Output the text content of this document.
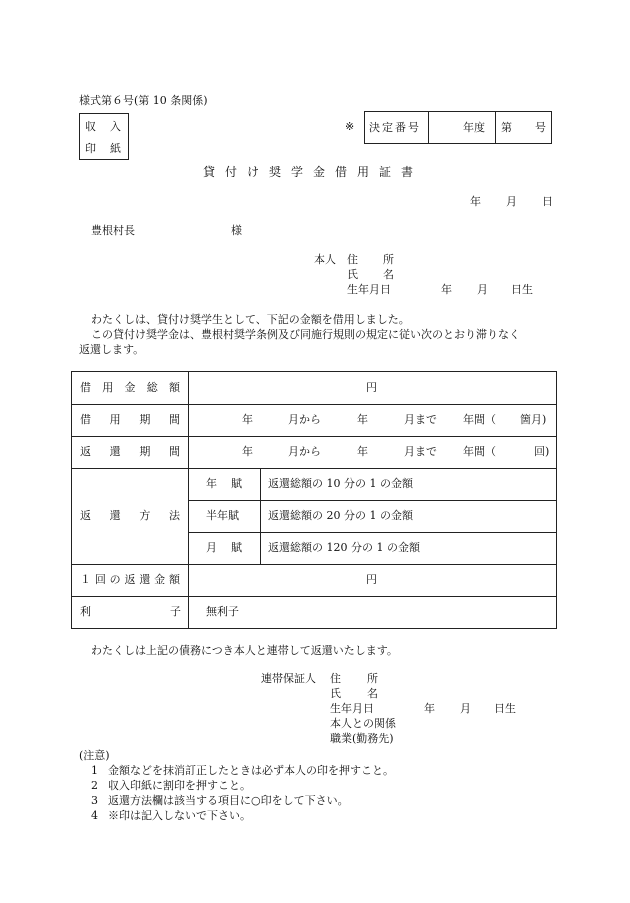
様式第６号(第 10 条関係)
収 入
印 紙
※ 決定番号	年度 第 号
貸付け奨学金借用証書
年 月 日
豊根村長	様
本人 住 所
氏 名
生年月日	年 月 日生
わたくしは、貸付け奨学生として、下記の金額を借用しました。
この貸付け奨学金は、豊根村奨学条例及び同施行規則の規定に従い次のとおり滞りなく
返還します。
借 用 金 総 額	円
借 用 期 間	年	月から	年	月まで 年間（ 箇月)
返 還 期 間	年	月から	年	月まで 年間（	回)
返 還 方 法
年 賦 返還総額の 10 分の 1 の金額
半年賦	返還総額の 20 分の 1 の金額
月 賦 返還総額の 120 分の 1 の金額
１ 回 の 返 還 金 額	円
利	子 無利子
わたくしは上記の債務につき本人と連帯して返還いたします。
連帯保証人 住 所
氏 名
生年月日	年 月 日生
本人との関係
職業(勤務先)
(注意)
1 金額などを抹消訂正したときは必ず本人の印を押すこと。
2 収入印紙に割印を押すこと。
3 返還方法欄は該当する項目に○印をして下さい。
4 ※印は記入しないで下さい。
